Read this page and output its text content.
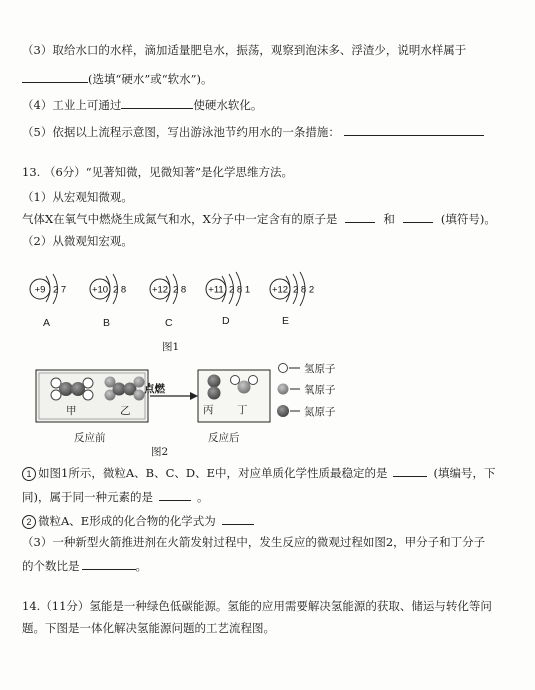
（3）取给水口的水样，滴加适量肥皂水，振荡，观察到泡沫多、浮渣少，说明水样属于
(选填“硬水”或“软水”)。
（4）工业上可通过	使硬水软化。
（5）依据以上流程示意图，写出游泳池节约用水的一条措施：
13. （6分）“见著知微，见微知著”是化学思维方法。
（1）从宏观知微观。
气体X在氧气中燃烧生成氮气和水，X分子中一定含有的原子是	和	(填符号)。
（2）从微观知宏观。
+9 2 7	+10 2 8	+12 2 8 +11 2 8 1 +12 2 8 2
A	B	C	D	E
图1
点燃
甲	乙	丙 丁
氢原子
氧原子
氮原子
反应前	反应后
图2
1 如图1所示，微粒A、B、C、D、E中，对应单质化学性质最稳定的是	(填编号，下
同)，属于同一种元素的是	。
2 微粒A、E形成的化合物的化学式为
（3）一种新型火箭推进剂在火箭发射过程中，发生反应的微观过程如图2，甲分子和丁分子
的个数比是	。
14.（11分）氢能是一种绿色低碳能源。氢能的应用需要解决氢能源的获取、储运与转化等问
题。下图是一体化解决氢能源问题的工艺流程图。
